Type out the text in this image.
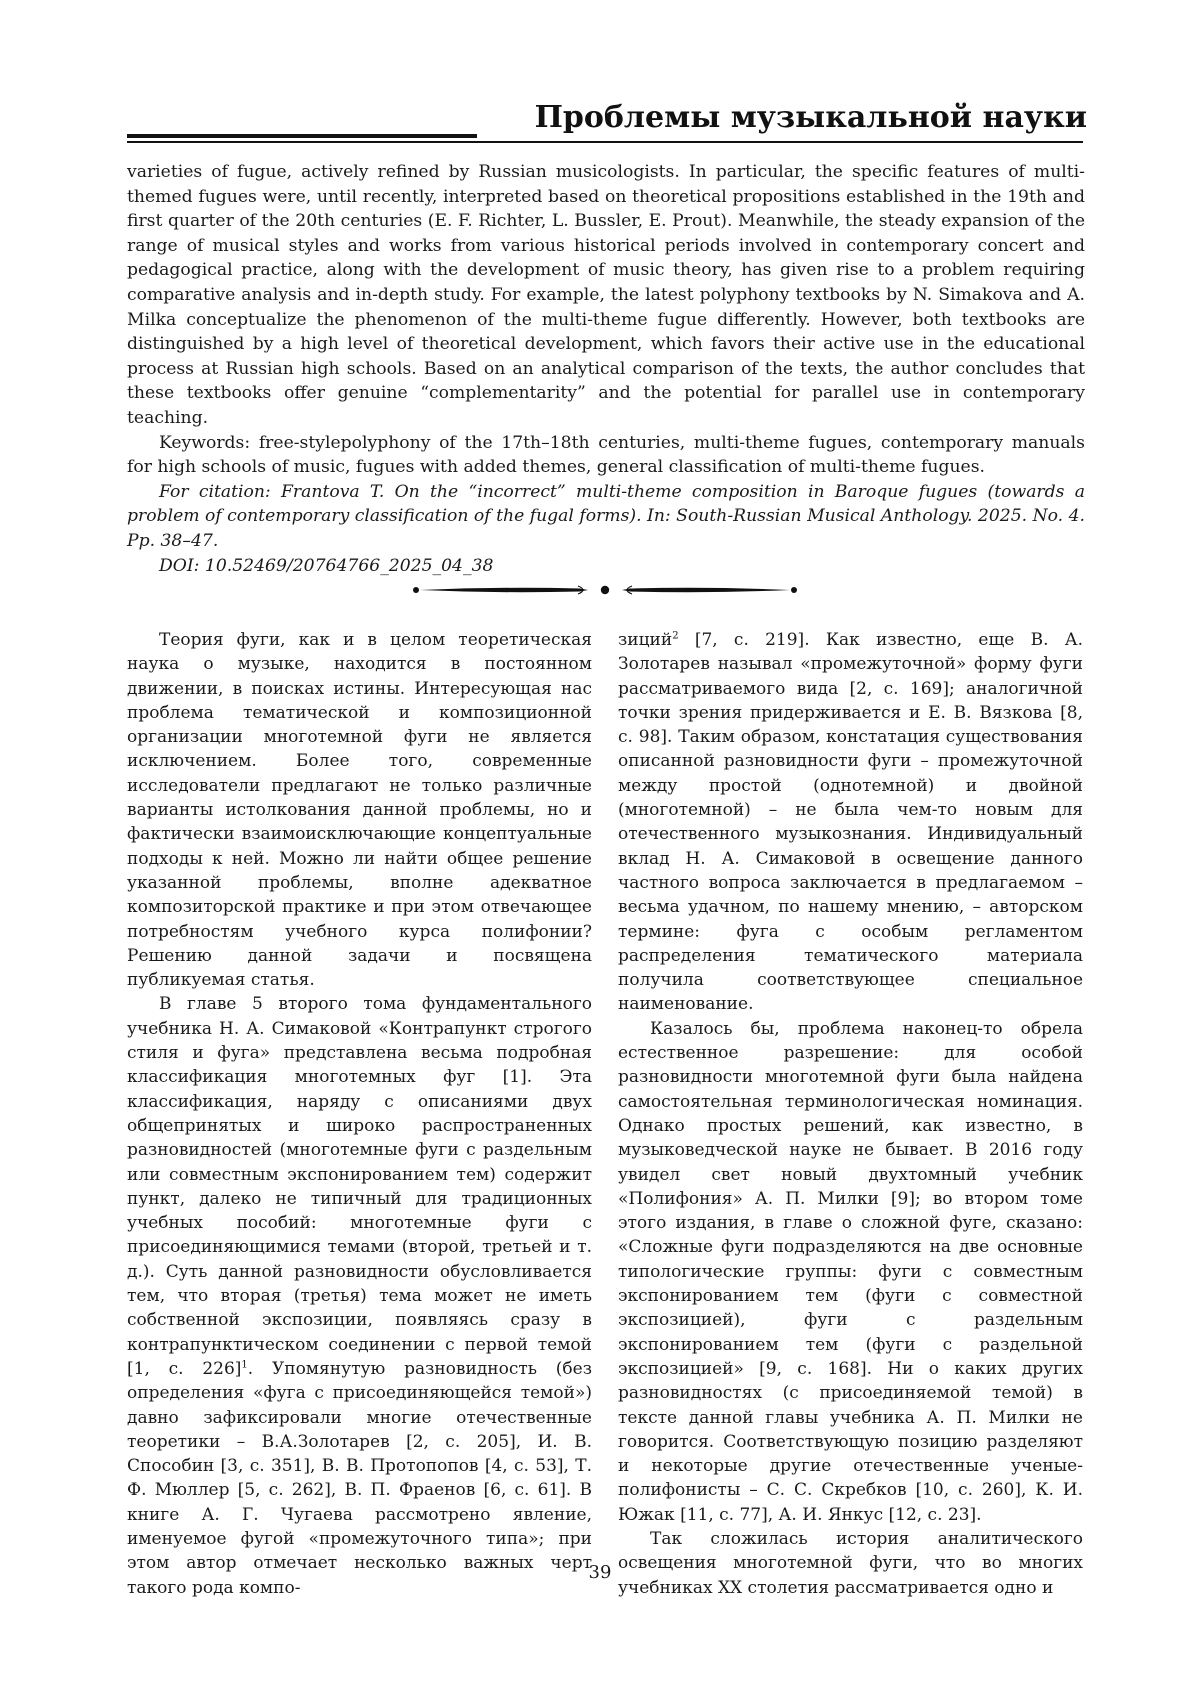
Проблемы музыкальной науки

varieties of fugue, actively refined by Russian musicologists. In particular, the specific features of multi-themed fugues were, until recently, interpreted based on theoretical propositions established in the 19th and first quarter of the 20th centuries (E. F. Richter, L. Bussler, E. Prout). Meanwhile, the steady expansion of the range of musical styles and works from various historical periods involved in contemporary concert and pedagogical practice, along with the development of music theory, has given rise to a problem requiring comparative analysis and in-depth study. For example, the latest polyphony textbooks by N. Simakova and A. Milka conceptualize the phenomenon of the multi-theme fugue differently. However, both textbooks are distinguished by a high level of theoretical development, which favors their active use in the educational process at Russian high schools. Based on an analytical comparison of the texts, the author concludes that these textbooks offer genuine “complementarity” and the potential for parallel use in contemporary teaching.

Keywords: free-stylepolyphony of the 17th–18th centuries, multi-theme fugues, contemporary manuals for high schools of music, fugues with added themes, general classification of multi-theme fugues.

For citation: Frantova T. On the “incorrect” multi-theme composition in Baroque fugues (towards a problem of contemporary classification of the fugal forms). In: South-Russian Musical Anthology. 2025. No. 4. Pp. 38–47.

DOI: 10.52469/20764766_2025_04_38

Теория фуги, как и в целом теоретическая наука о музыке, находится в постоянном движении, в поисках истины. Интересующая нас проблема тематической и композиционной организации многотемной фуги не является исключением. Более того, современные исследователи предлагают не только различные варианты истолкования данной проблемы, но и фактически взаимоисключающие концептуальные подходы к ней. Можно ли найти общее решение указанной проблемы, вполне адекватное композиторской практике и при этом отвечающее потребностям учебного курса полифонии? Решению данной задачи и посвящена публикуемая статья.

В главе 5 второго тома фундаментального учебника Н. А. Симаковой «Контрапункт строгого стиля и фуга» представлена весьма подробная классификация многотемных фуг [1]. Эта классификация, наряду с описаниями двух общепринятых и широко распространенных разновидностей (многотемные фуги с раздельным или совместным экспонированием тем) содержит пункт, далеко не типичный для традиционных учебных пособий: многотемные фуги с присоединяющимися темами (второй, третьей и т. д.). Суть данной разновидности обусловливается тем, что вторая (третья) тема может не иметь собственной экспозиции, появляясь сразу в контрапунктическом соединении с первой темой [1, с. 226]$^1$. Упомянутую разновидность (без определения «фуга с присоединяющейся темой») давно зафиксировали многие отечественные теоретики – В.А.Золотарев [2, с. 205], И. В. Способин [3, с. 351], В. В. Протопопов [4, с. 53], Т. Ф. Мюллер [5, с. 262], В. П. Фраенов [6, с. 61]. В книге А. Г. Чугаева рассмотрено явление, именуемое фугой «промежуточного типа»; при этом автор отмечает несколько важных черт такого рода компо-

зиций$^2$ [7, с. 219]. Как известно, еще В. А. Золотарев называл «промежуточной» форму фуги рассматриваемого вида [2, с. 169]; аналогичной точки зрения придерживается и Е. В. Вязкова [8, с. 98]. Таким образом, констатация существования описанной разновидности фуги – промежуточной между простой (однотемной) и двойной (многотемной) – не была чем-то новым для отечественного музыкознания. Индивидуальный вклад Н. А. Симаковой в освещение данного частного вопроса заключается в предлагаемом – весьма удачном, по нашему мнению, – авторском термине: фуга с особым регламентом распределения тематического материала получила соответствующее специальное наименование.

Казалось бы, проблема наконец-то обрела естественное разрешение: для особой разновидности многотемной фуги была найдена самостоятельная терминологическая номинация. Однако простых решений, как известно, в музыковедческой науке не бывает. В 2016 году увидел свет новый двухтомный учебник «Полифония» А. П. Милки [9]; во втором томе этого издания, в главе о сложной фуге, сказано: «Сложные фуги подразделяются на две основные типологические группы: фуги с совместным экспонированием тем (фуги с совместной экспозицией), фуги с раздельным экспонированием тем (фуги с раздельной экспозицией» [9, с. 168]. Ни о каких других разновидностях (с присоединяемой темой) в тексте данной главы учебника А. П. Милки не говорится. Соответствующую позицию разделяют и некоторые другие отечественные ученые-полифонисты – С. С. Скребков [10, с. 260], К. И. Южак [11, с. 77], А. И. Янкус [12, с. 23].

Так сложилась история аналитического освещения многотемной фуги, что во многих учебниках XX столетия рассматривается одно и

39
